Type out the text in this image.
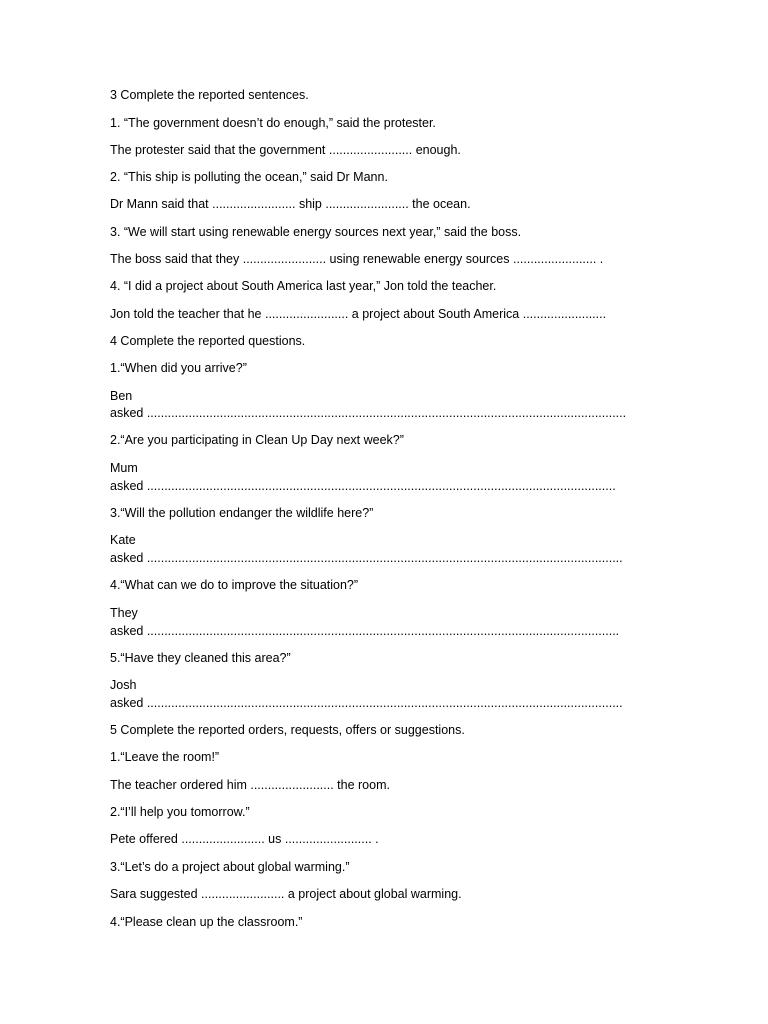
3 Complete the reported sentences.
1. “The government doesn’t do enough,” said the protester.
The protester said that the government ........................ enough.
2. “This ship is polluting the ocean,” said Dr Mann.
Dr Mann said that ........................ ship ........................ the ocean.
3. “We will start using renewable energy sources next year,” said the boss.
The boss said that they ........................ using renewable energy sources ........................ .
4. “I did a project about South America last year,” Jon told the teacher.
Jon told the teacher that he ........................ a project about South America ........................
4 Complete the reported questions.
1.“When did you arrive?”
Ben
asked ..........................................................................................................................................
2.“Are you participating in Clean Up Day next week?”
Mum
asked .......................................................................................................................................
3.“Will the pollution endanger the wildlife here?”
Kate
asked .........................................................................................................................................
4.“What can we do to improve the situation?”
They
asked ........................................................................................................................................
5.“Have they cleaned this area?”
Josh
asked .........................................................................................................................................
5 Complete the reported orders, requests, offers or suggestions.
1.“Leave the room!”
The teacher ordered him ........................ the room.
2.“I’ll help you tomorrow.”
Pete offered ........................ us ......................... .
3.“Let’s do a project about global warming.”
Sara suggested ........................ a project about global warming.
4.“Please clean up the classroom.”
